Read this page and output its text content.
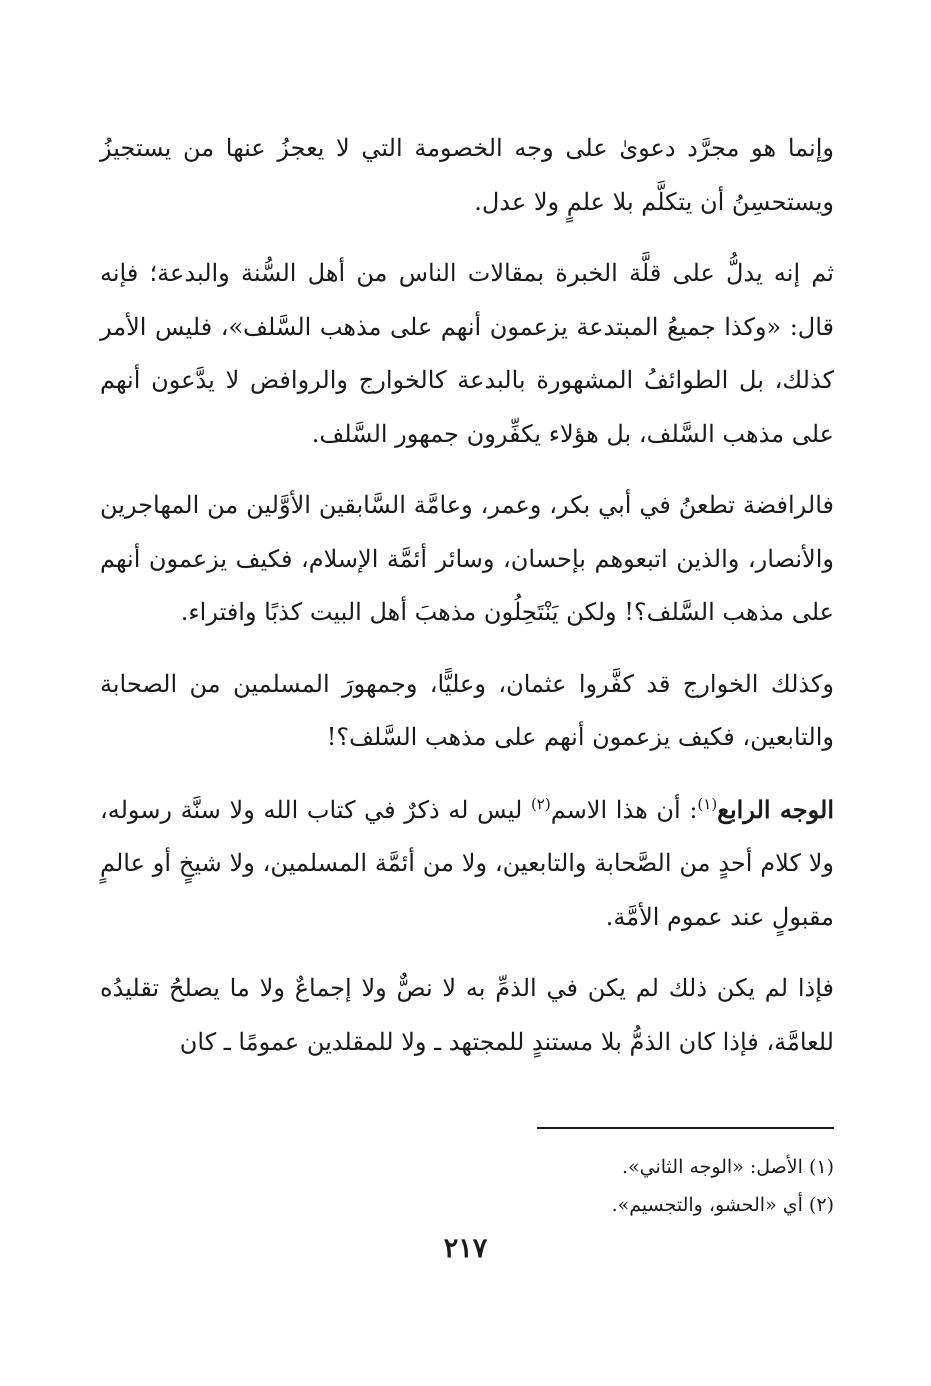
وإنما هو مجرَّد دعوىٰ على وجه الخصومة التي لا يعجزُ عنها من يستجيزُ ويستحسِنُ أن يتكلَّم بلا علمٍ ولا عدل.

ثم إنه يدلُّ على قلَّة الخبرة بمقالات الناس من أهل السُّنة والبدعة؛ فإنه قال: «وكذا جميعُ المبتدعة يزعمون أنهم على مذهب السَّلف»، فليس الأمر كذلك، بل الطوائفُ المشهورة بالبدعة كالخوارج والروافض لا يدَّعون أنهم على مذهب السَّلف، بل هؤلاء يكفِّرون جمهور السَّلف.

فالرافضة تطعنُ في أبي بكر، وعمر، وعامَّة السَّابقين الأوَّلين من المهاجرين والأنصار، والذين اتبعوهم بإحسان، وسائر أئمَّة الإسلام، فكيف يزعمون أنهم على مذهب السَّلف؟! ولكن يَنْتَحِلُون مذهبَ أهل البيت كذبًا وافتراء.

وكذلك الخوارج قد كفَّروا عثمان، وعليًّا، وجمهورَ المسلمين من الصحابة والتابعين، فكيف يزعمون أنهم على مذهب السَّلف؟!

الوجه الرابع$^{(١)}$: أن هذا الاسم$^{(٢)}$ ليس له ذكرٌ في كتاب الله ولا سنَّة رسوله، ولا كلام أحدٍ من الصَّحابة والتابعين، ولا من أئمَّة المسلمين، ولا شيخٍ أو عالمٍ مقبولٍ عند عموم الأمَّة.

فإذا لم يكن ذلك لم يكن في الذمِّ به لا نصٌّ ولا إجماعٌ ولا ما يصلحُ تقليدُه للعامَّة، فإذا كان الذمُّ بلا مستندٍ للمجتهد ـ ولا للمقلدين عمومًا ـ كان

(١) الأصل: «الوجه الثاني».

(٢) أي «الحشو، والتجسيم».

٢١٧
